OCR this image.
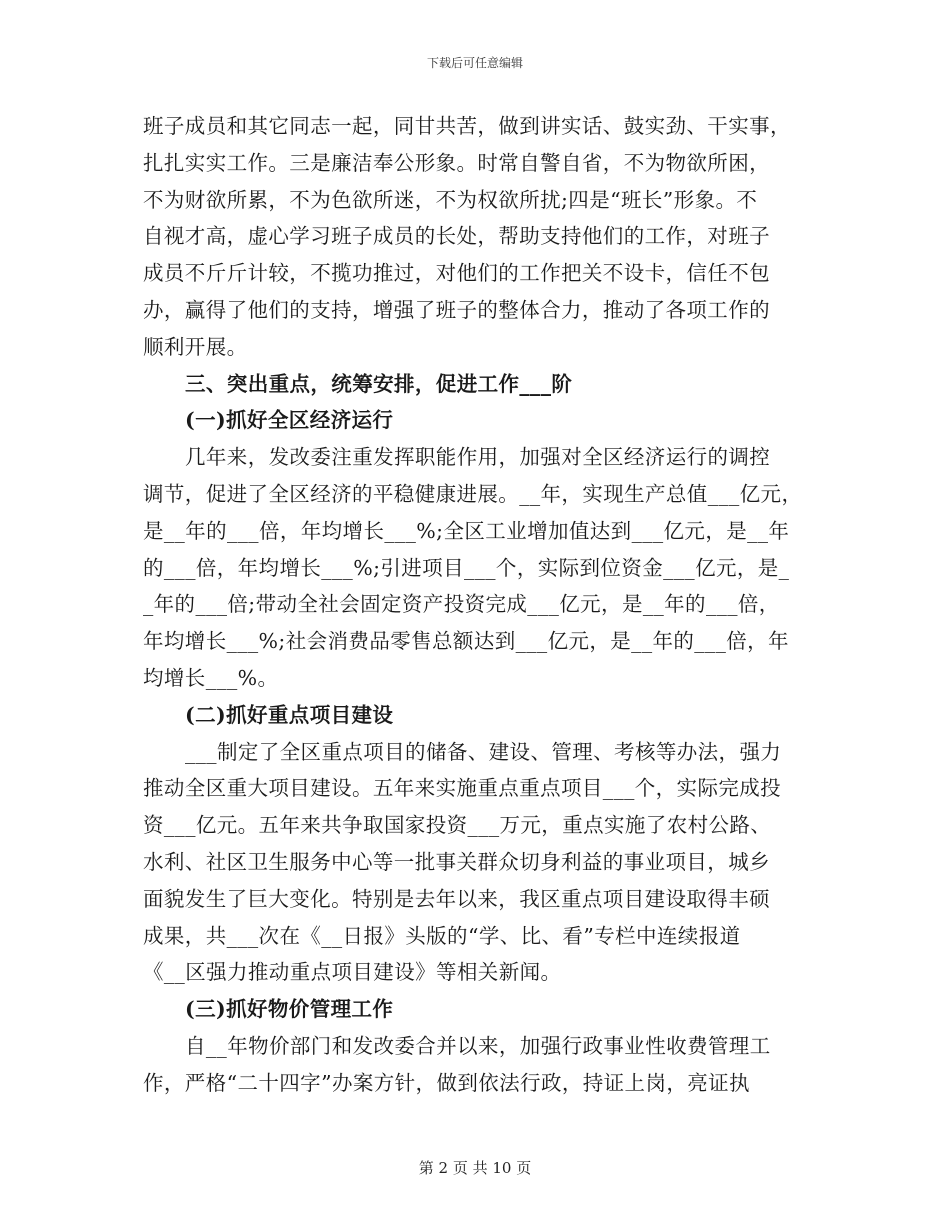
下载后可任意编辑
班子成员和其它同志一起，同甘共苦，做到讲实话、鼓实劲、干实事，
扎扎实实工作。三是廉洁奉公形象。时常自警自省，不为物欲所困，
不为财欲所累，不为色欲所迷，不为权欲所扰;四是“班长”形象。不
自视才高，虚心学习班子成员的长处，帮助支持他们的工作，对班子
成员不斤斤计较，不揽功推过，对他们的工作把关不设卡，信任不包
办，赢得了他们的支持，增强了班子的整体合力，推动了各项工作的
顺利开展。
三、突出重点，统筹安排，促进工作___阶
(一)抓好全区经济运行
几年来，发改委注重发挥职能作用，加强对全区经济运行的调控
调节，促进了全区经济的平稳健康进展。__年，实现生产总值___亿元，
是__年的___倍，年均增长___%;全区工业增加值达到___亿元，是__年
的___倍，年均增长___%;引进项目___个，实际到位资金___亿元，是_
_年的___倍;带动全社会固定资产投资完成___亿元，是__年的___倍，
年均增长___%;社会消费品零售总额达到___亿元，是__年的___倍，年
均增长___%。
(二)抓好重点项目建设
___制定了全区重点项目的储备、建设、管理、考核等办法，强力
推动全区重大项目建设。五年来实施重点重点项目___个，实际完成投
资___亿元。五年来共争取国家投资___万元，重点实施了农村公路、
水利、社区卫生服务中心等一批事关群众切身利益的事业项目，城乡
面貌发生了巨大变化。特别是去年以来，我区重点项目建设取得丰硕
成果，共___次在《__日报》头版的“学、比、看”专栏中连续报道
《__区强力推动重点项目建设》等相关新闻。
(三)抓好物价管理工作
自__年物价部门和发改委合并以来，加强行政事业性收费管理工
作，严格“二十四字”办案方针，做到依法行政，持证上岗，亮证执
第 2 页 共 10 页
